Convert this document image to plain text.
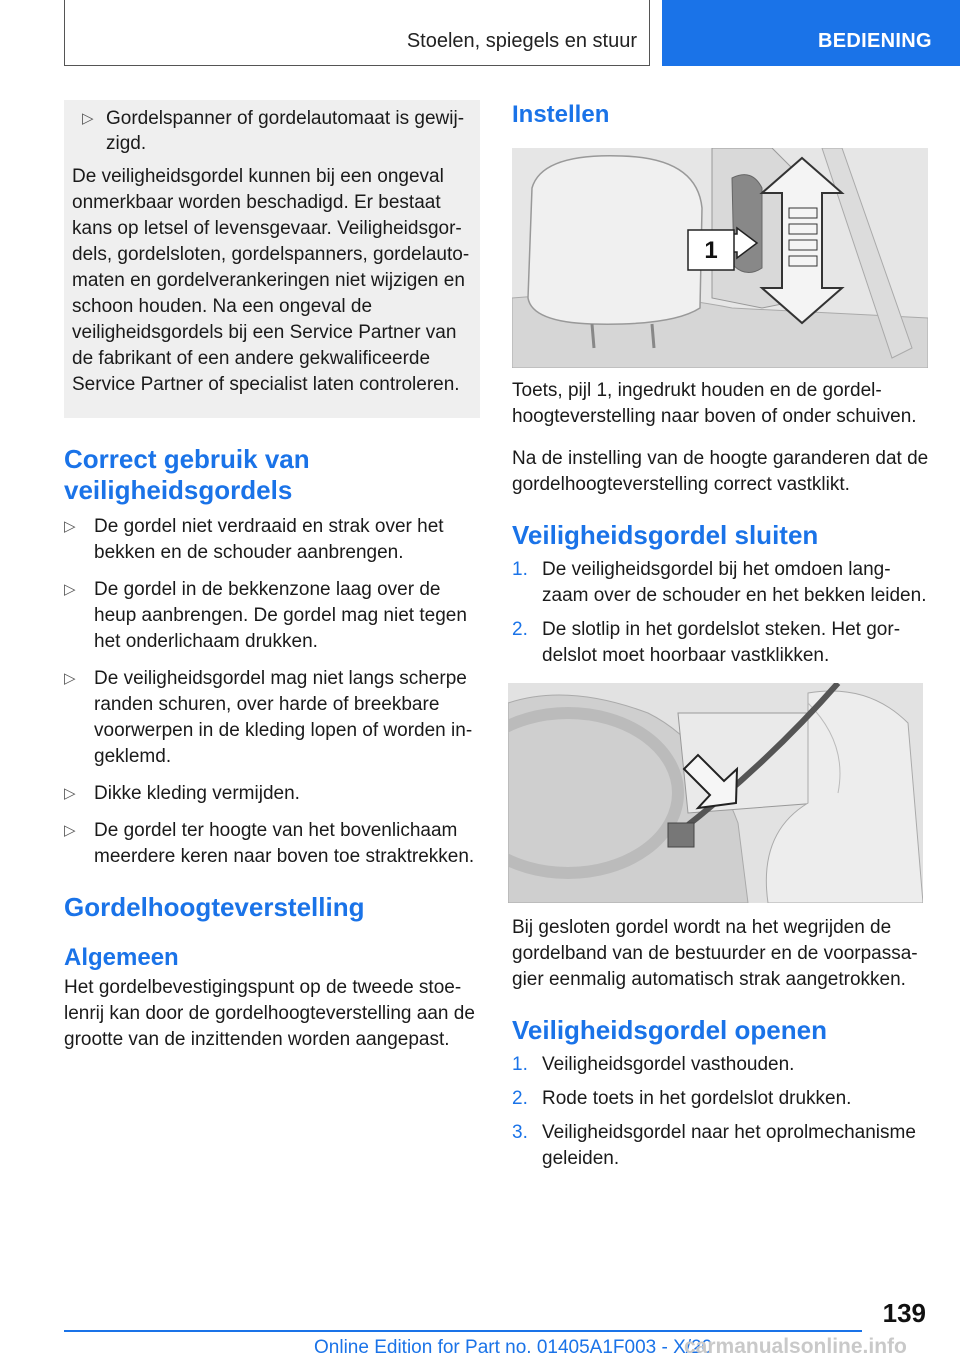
Stoelen, spiegels en stuur	BEDIENING
▷ Gordelspanner of gordelautomaat is gewijzigd.

De veiligheidsgordel kunnen bij een ongeval onmerkbaar worden beschadigd. Er bestaat kans op letsel of levensgevaar. Veiligheidsgordels, gordelsloten, gordelspanners, gordelautomaten en gordelverankeringen niet wijzigen en schoon houden. Na een ongeval de veiligheidsgordels bij een Service Partner van de fabrikant of een andere gekwalificeerde Service Partner of specialist laten controleren.

Correct gebruik van veiligheidsgordels
▷ De gordel niet verdraaid en strak over het bekken en de schouder aanbrengen.
▷ De gordel in de bekkenzone laag over de heup aanbrengen. De gordel mag niet tegen het onderlichaam drukken.
▷ De veiligheidsgordel mag niet langs scherpe randen schuren, over harde of breekbare voorwerpen in de kleding lopen of worden ingeklemd.
▷ Dikke kleding vermijden.
▷ De gordel ter hoogte van het bovenlichaam meerdere keren naar boven toe straktrekken.
Gordelhoogteverstelling
Algemeen

Het gordelbevestigingspunt op de tweede stoelenrij kan door de gordelhoogteverstelling aan de grootte van de inzittenden worden aangepast.

Instellen
1

Toets, pijl 1, ingedrukt houden en de gordelhoogteverstelling naar boven of onder schuiven.

Na de instelling van de hoogte garanderen dat de gordelhoogteverstelling correct vastklikt.

Veiligheidsgordel sluiten
1. De veiligheidsgordel bij het omdoen langzaam over de schouder en het bekken leiden.
2. De slotlip in het gordelslot steken. Het gordelslot moet hoorbaar vastklikken.

Bij gesloten gordel wordt na het wegrijden de gordelband van de bestuurder en de voorpassagier eenmalig automatisch strak aangetrokken.

Veiligheidsgordel openen
1. Veiligheidsgordel vasthouden.
2. Rode toets in het gordelslot drukken.
3. Veiligheidsgordel naar het oprolmechanisme geleiden.
139
Online Edition for Part no. 01405A1F003 - X/20
carmanualsonline.info
